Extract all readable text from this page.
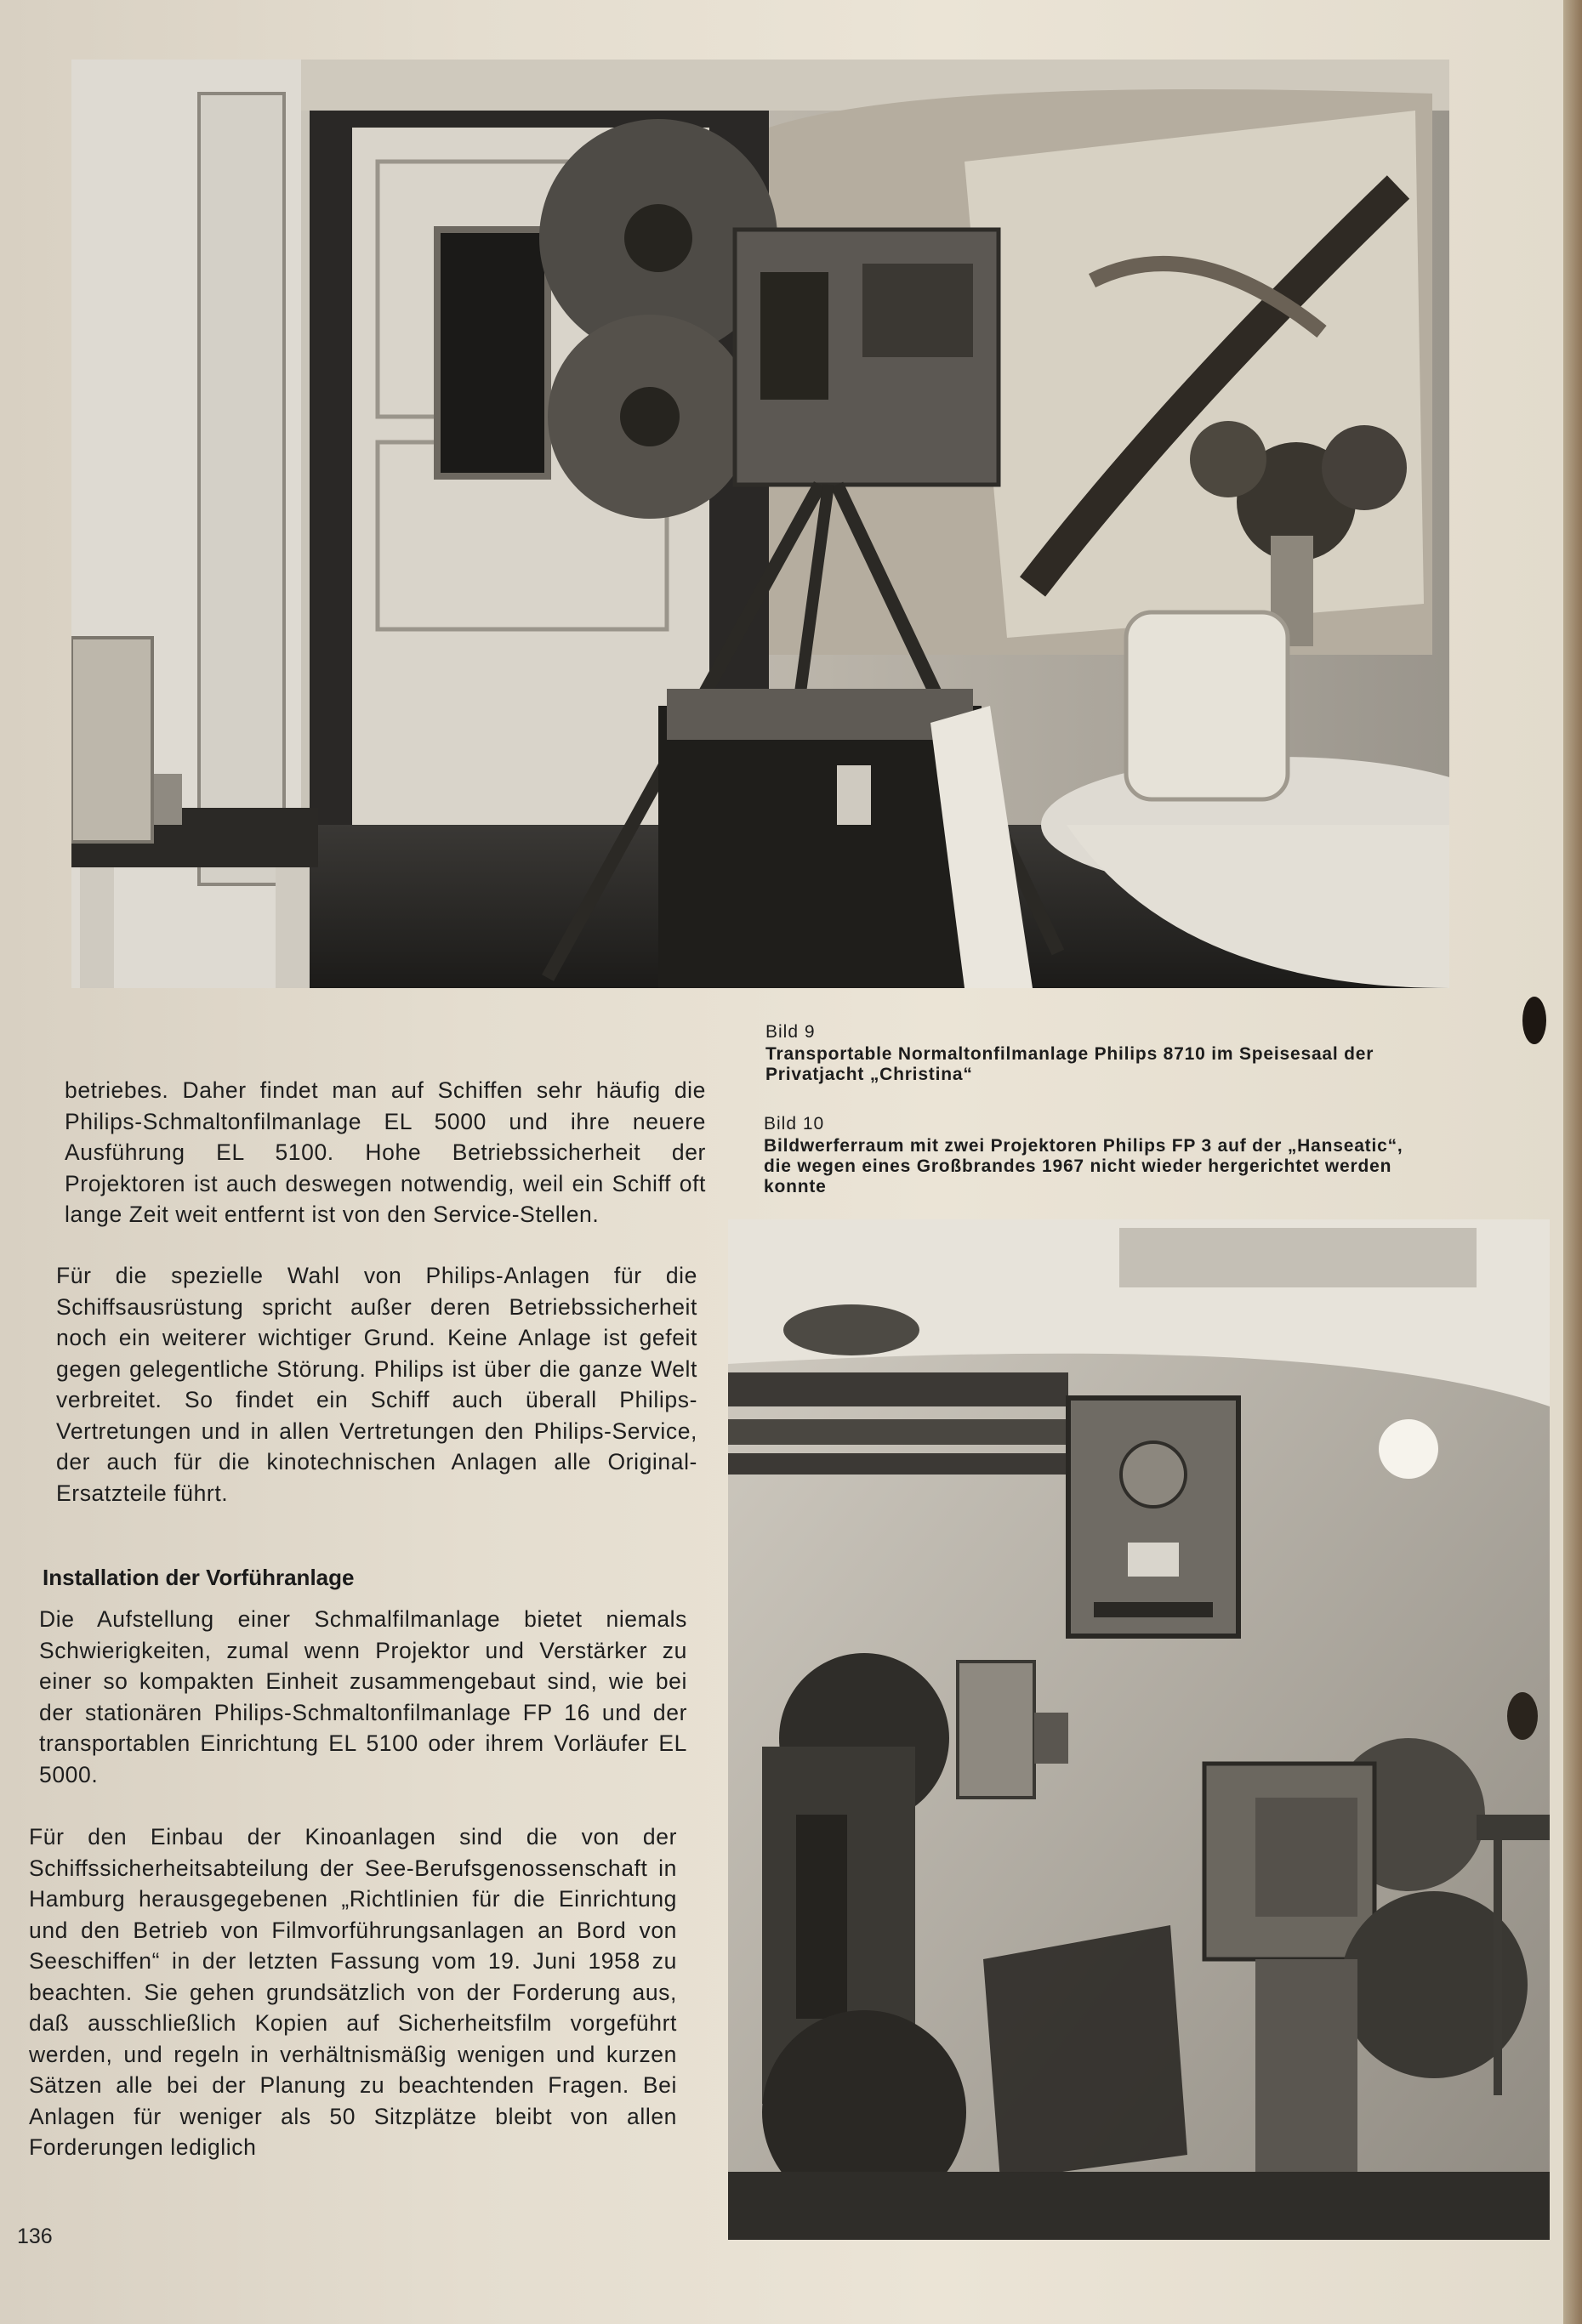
Bild 9
Transportable Normaltonfilmanlage Philips 8710 im Speisesaal der Privatjacht „Christina“
Bild 10
Bildwerferraum mit zwei Projektoren Philips FP 3 auf der „Hanseatic“, die wegen eines Großbrandes 1967 nicht wieder hergerichtet werden konnte

betriebes. Daher findet man auf Schiffen sehr häufig die Philips-Schmaltonfilmanlage EL 5000 und ihre neuere Ausführung EL 5100. Hohe Betriebssicherheit der Projektoren ist auch deswegen notwendig, weil ein Schiff oft lange Zeit weit entfernt ist von den Service-Stellen.

Für die spezielle Wahl von Philips-Anlagen für die Schiffsausrüstung spricht außer deren Betriebssicherheit noch ein weiterer wichtiger Grund. Keine Anlage ist gefeit gegen gelegentliche Störung. Philips ist über die ganze Welt verbreitet. So findet ein Schiff auch überall Philips-Vertretungen und in allen Vertretungen den Philips-Service, der auch für die kinotechnischen Anlagen alle Original-Ersatzteile führt.

Installation der Vorführanlage

Die Aufstellung einer Schmalfilmanlage bietet niemals Schwierigkeiten, zumal wenn Projektor und Verstärker zu einer so kompakten Einheit zusammengebaut sind, wie bei der stationären Philips-Schmaltonfilmanlage FP 16 und der transportablen Einrichtung EL 5100 oder ihrem Vorläufer EL 5000.

Für den Einbau der Kinoanlagen sind die von der Schiffssicherheitsabteilung der See-Berufsgenossenschaft in Hamburg herausgegebenen „Richtlinien für die Einrichtung und den Betrieb von Filmvorführungsanlagen an Bord von Seeschiffen“ in der letzten Fassung vom 19. Juni 1958 zu beachten. Sie gehen grundsätzlich von der Forderung aus, daß ausschließlich Kopien auf Sicherheitsfilm vorgeführt werden, und regeln in verhältnismäßig wenigen und kurzen Sätzen alle bei der Planung zu beachtenden Fragen. Bei Anlagen für weniger als 50 Sitzplätze bleibt von allen Forderungen lediglich

136
